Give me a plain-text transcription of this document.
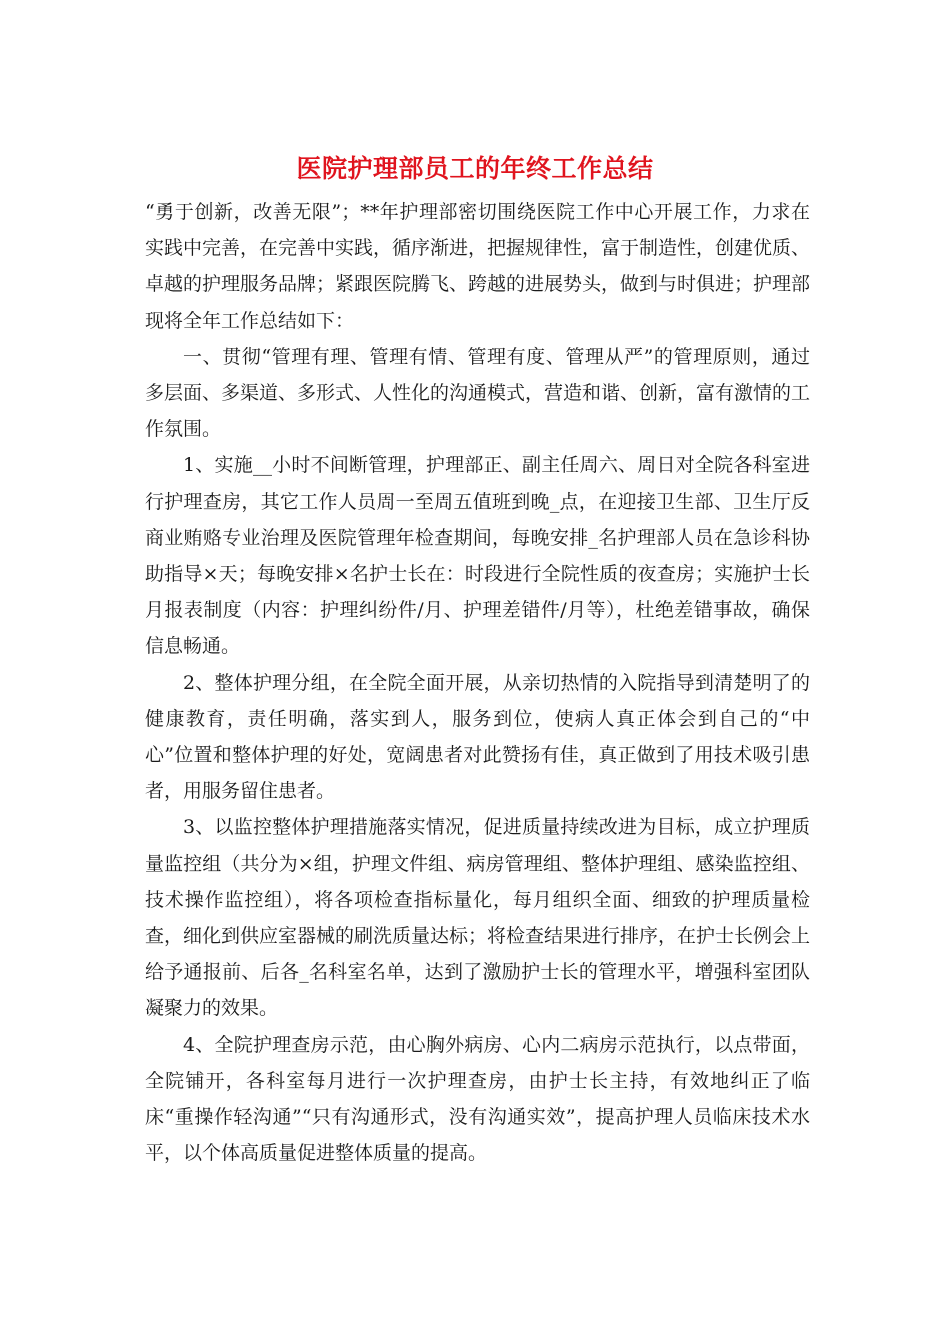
医院护理部员工的年终工作总结

“勇于创新，改善无限”；**年护理部密切围绕医院工作中心开展工作，力求在实践中完善，在完善中实践，循序渐进，把握规律性，富于制造性，创建优质、卓越的护理服务品牌；紧跟医院腾飞、跨越的进展势头，做到与时俱进；护理部现将全年工作总结如下：

一、贯彻“管理有理、管理有情、管理有度、管理从严”的管理原则，通过多层面、多渠道、多形式、人性化的沟通模式，营造和谐、创新，富有激情的工作氛围。

1、实施__小时不间断管理，护理部正、副主任周六、周日对全院各科室进行护理查房，其它工作人员周一至周五值班到晚_点，在迎接卫生部、卫生厅反商业贿赂专业治理及医院管理年检查期间，每晚安排_名护理部人员在急诊科协助指导×天；每晚安排×名护士长在：时段进行全院性质的夜查房；实施护士长月报表制度（内容：护理纠纷件/月、护理差错件/月等），杜绝差错事故，确保信息畅通。

2、整体护理分组，在全院全面开展，从亲切热情的入院指导到清楚明了的健康教育，责任明确，落实到人，服务到位，使病人真正体会到自己的“中心”位置和整体护理的好处，宽阔患者对此赞扬有佳，真正做到了用技术吸引患者，用服务留住患者。

3、以监控整体护理措施落实情况，促进质量持续改进为目标，成立护理质量监控组（共分为×组，护理文件组、病房管理组、整体护理组、感染监控组、技术操作监控组），将各项检查指标量化，每月组织全面、细致的护理质量检查，细化到供应室器械的刷洗质量达标；将检查结果进行排序，在护士长例会上给予通报前、后各_名科室名单，达到了激励护士长的管理水平，增强科室团队凝聚力的效果。

4、全院护理查房示范，由心胸外病房、心内二病房示范执行，以点带面，全院铺开，各科室每月进行一次护理查房，由护士长主持，有效地纠正了临床“重操作轻沟通”“只有沟通形式，没有沟通实效”，提高护理人员临床技术水平，以个体高质量促进整体质量的提高。
